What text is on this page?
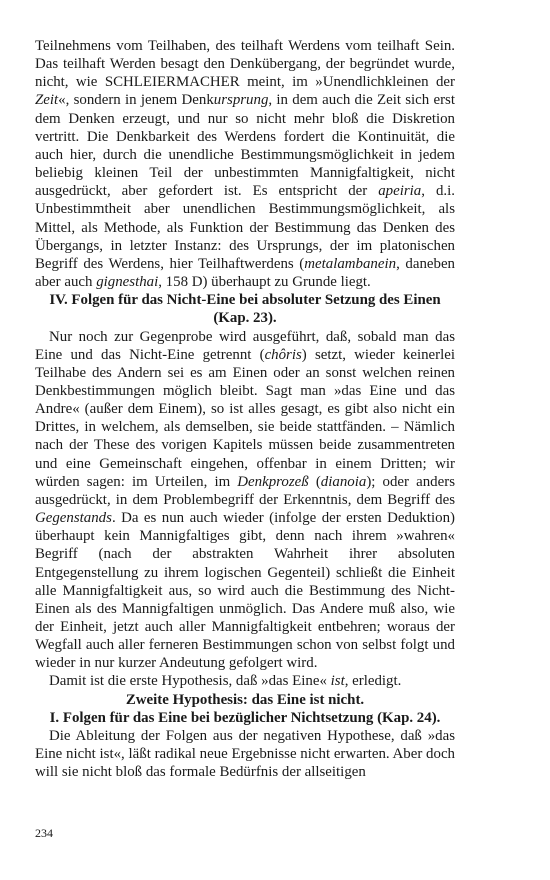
Teilnehmens vom Teilhaben, des teilhaft Werdens vom teilhaft Sein. Das teilhaft Werden besagt den Denkübergang, der begründet wurde, nicht, wie SCHLEIERMACHER meint, im »Unendlichkleinen der Zeit«, sondern in jenem Denkursprung, in dem auch die Zeit sich erst dem Denken erzeugt, und nur so nicht mehr bloß die Diskretion vertritt. Die Denkbarkeit des Werdens fordert die Kontinuität, die auch hier, durch die unendliche Bestimmungsmöglichkeit in jedem beliebig kleinen Teil der unbestimmten Mannigfaltigkeit, nicht ausgedrückt, aber gefordert ist. Es entspricht der apeiria, d.i. Unbestimmtheit aber unendlichen Bestimmungsmöglichkeit, als Mittel, als Methode, als Funktion der Bestimmung das Denken des Übergangs, in letzter Instanz: des Ursprungs, der im platonischen Begriff des Werdens, hier Teilhaftwerdens (metalambanein, daneben aber auch gignesthai, 158 D) überhaupt zu Grunde liegt.

IV. Folgen für das Nicht-Eine bei absoluter Setzung des Einen (Kap. 23).

Nur noch zur Gegenprobe wird ausgeführt, daß, sobald man das Eine und das Nicht-Eine getrennt (chôris) setzt, wieder keinerlei Teilhabe des Andern sei es am Einen oder an sonst welchen reinen Denkbestimmungen möglich bleibt. Sagt man »das Eine und das Andre« (außer dem Einem), so ist alles gesagt, es gibt also nicht ein Drittes, in welchem, als demselben, sie beide stattfänden. – Nämlich nach der These des vorigen Kapitels müssen beide zusammentreten und eine Gemeinschaft eingehen, offenbar in einem Dritten; wir würden sagen: im Urteilen, im Denkprozeß (dianoia); oder anders ausgedrückt, in dem Problembegriff der Erkenntnis, dem Begriff des Gegenstands. Da es nun auch wieder (infolge der ersten Deduktion) überhaupt kein Mannigfaltiges gibt, denn nach ihrem »wahren« Begriff (nach der abstrakten Wahrheit ihrer absoluten Entgegenstellung zu ihrem logischen Gegenteil) schließt die Einheit alle Mannigfaltigkeit aus, so wird auch die Bestimmung des Nicht-Einen als des Mannigfaltigen unmöglich. Das Andere muß also, wie der Einheit, jetzt auch aller Mannigfaltigkeit entbehren; woraus der Wegfall auch aller ferneren Bestimmungen schon von selbst folgt und wieder in nur kurzer Andeutung gefolgert wird.

Damit ist die erste Hypothesis, daß »das Eine« ist, erledigt.

Zweite Hypothesis: das Eine ist nicht.

I. Folgen für das Eine bei bezüglicher Nichtsetzung (Kap. 24).

Die Ableitung der Folgen aus der negativen Hypothese, daß »das Eine nicht ist«, läßt radikal neue Ergebnisse nicht erwarten. Aber doch will sie nicht bloß das formale Bedürfnis der allseitigen

234
